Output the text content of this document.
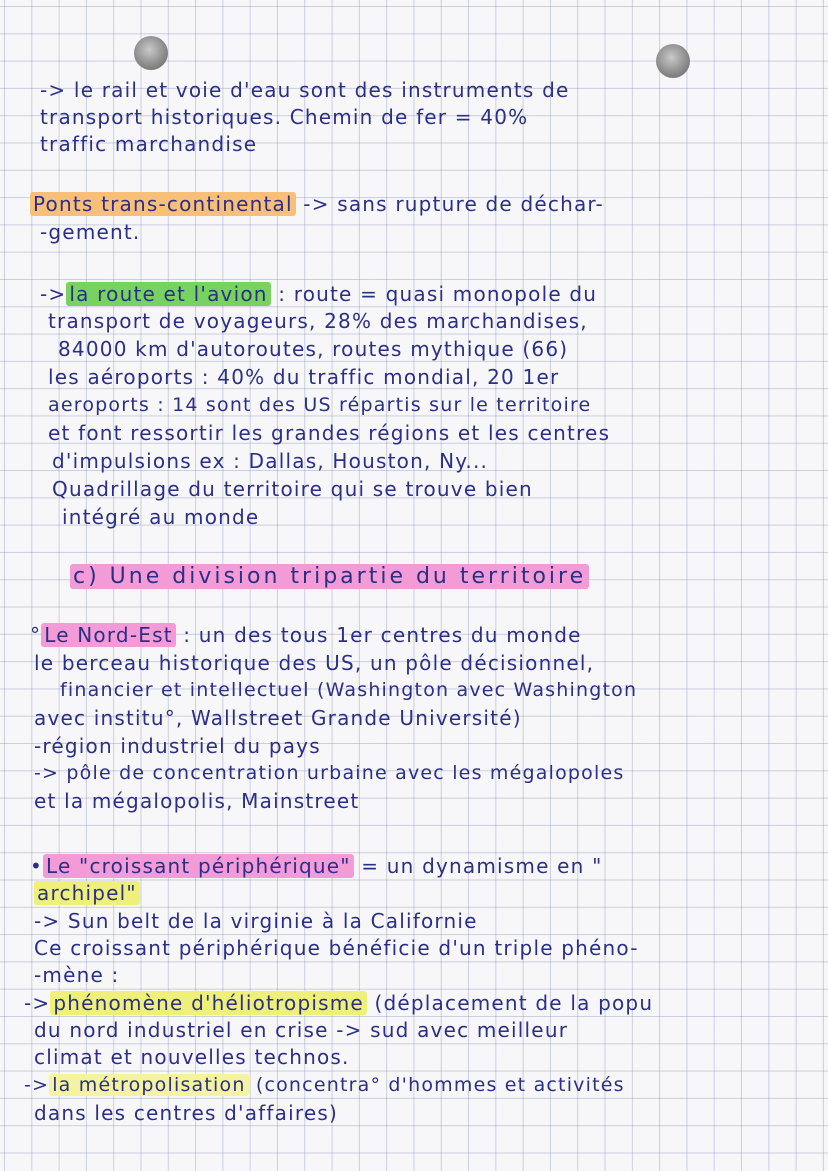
-> le rail et voie d'eau sont des instruments de
transport historiques. Chemin de fer = 40%
traffic marchandise
Ponts trans-continental -> sans rupture de déchar-
-gement.
-> la route et l'avion : route = quasi monopole du
transport de voyageurs, 28% des marchandises,
84000 km d'autoroutes, routes mythique (66)
les aéroports : 40% du traffic mondial, 20 1er
aeroports : 14 sont des US répartis sur le territoire
et font ressortir les grandes régions et les centres
d'impulsions ex : Dallas, Houston, Ny...
Quadrillage du territoire qui se trouve bien
intégré au monde
c) Une division tripartie du territoire
° Le Nord-Est : un des tous 1er centres du monde
le berceau historique des US, un pôle décisionnel,
financier et intellectuel (Washington avec Washington
avec institu°, Wallstreet Grande Université)
-région industriel du pays
-> pôle de concentration urbaine avec les mégalopoles
et la mégalopolis, Mainstreet
• Le "croissant périphérique" = un dynamisme en "
archipel"
-> Sun belt de la virginie à la Californie
Ce croissant périphérique bénéficie d'un triple phéno-
-mène :
-> phénomène d'héliotropisme (déplacement de la popu
du nord industriel en crise -> sud avec meilleur
climat et nouvelles technos.
-> la métropolisation (concentra° d'hommes et activités
dans les centres d'affaires)
